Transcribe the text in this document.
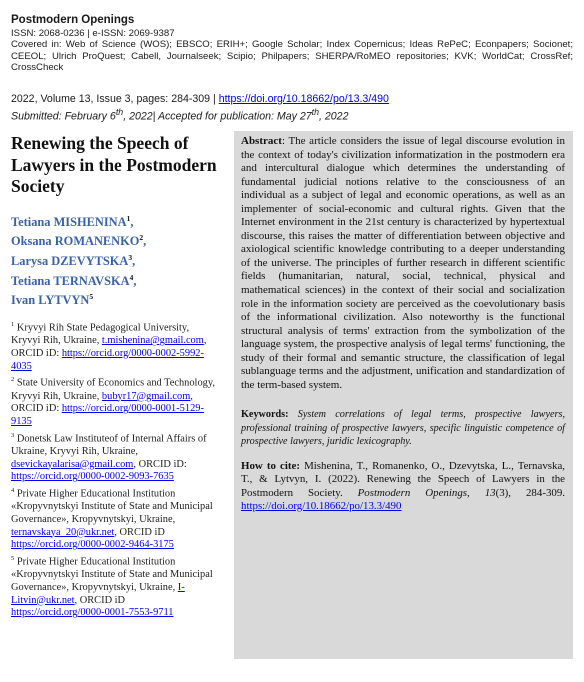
Postmodern Openings
ISSN: 2068-0236 | e-ISSN: 2069-9387
Covered in: Web of Science (WOS); EBSCO; ERIH+; Google Scholar; Index Copernicus; Ideas RePeC; Econpapers; Socionet; CEEOL; Ulrich ProQuest; Cabell, Journalseek; Scipio; Philpapers; SHERPA/RoMEO repositories; KVK; WorldCat; CrossRef; CrossCheck
2022, Volume 13, Issue 3, pages: 284-309 | https://doi.org/10.18662/po/13.3/490
Submitted: February 6th, 2022| Accepted for publication: May 27th, 2022
Renewing the Speech of Lawyers in the Postmodern Society
Tetiana MISHENINA$^1$,
Oksana ROMANENKO$^2$,
Larysa DZEVYTSKA$^3$,
Tetiana TERNAVSKA$^4$,
Ivan LYTVYN$^5$
$^1$ Kryvyi Rih State Pedagogical University, Kryvyi Rih, Ukraine, t.mishenina@gmail.com, ORCID iD: https://orcid.org/0000-0002-5992-4035
$^2$ State University of Economics and Technology, Kryvyi Rih, Ukraine, bubyr17@gmail.com, ORCID iD: https://orcid.org/0000-0001-5129-9135
$^3$ Donetsk Law Instituteof of Internal Affairs of Ukraine, Kryvyi Rih, Ukraine, dsevickayalarisa@gmail.com, ORCID iD: https://orcid.org/0000-0002-9093-7635
$^4$ Private Higher Educational Institution «Kropyvnytskyi Institute of State and Municipal Governance», Kropyvnytskyi, Ukraine, ternavskaya_20@ukr.net, ORCID iD https://orcid.org/0000-0002-9464-3175
$^5$ Private Higher Educational Institution «Kropyvnytskyi Institute of State and Municipal Governance», Kropyvnytskyi, Ukraine, I-Litvin@ukr.net, ORCID iD https://orcid.org/0000-0001-7553-9711

Abstract: The article considers the issue of legal discourse evolution in the context of today's civilization informatization in the postmodern era and intercultural dialogue which determines the understanding of fundamental judicial notions relative to the consciousness of an individual as a subject of legal and economic operations, as well as an implementer of social-economic and cultural rights. Given that the Internet environment in the 21st century is characterized by hypertextual discourse, this raises the matter of differentiation between objective and axiological scientific knowledge contributing to a deeper understanding of the universe. The principles of further research in different scientific fields (humanitarian, natural, social, technical, physical and mathematical sciences) in the context of their social and socialization role in the information society are perceived as the coevolutionary basis of the informational civilization. Also noteworthy is the functional structural analysis of terms' extraction from the symbolization of the language system, the prospective analysis of legal terms' functioning, the study of their formal and semantic structure, the classification of legal sublanguage terms and the adjustment, unification and standardization of the term-based system.

Keywords: System correlations of legal terms, prospective lawyers, professional training of prospective lawyers, specific linguistic competence of prospective lawyers, juridic lexicography.

How to cite: Mishenina, T., Romanenko, O., Dzevytska, L., Ternavska, T., & Lytvyn, I. (2022). Renewing the Speech of Lawyers in the Postmodern Society. Postmodern Openings, 13(3), 284-309. https://doi.org/10.18662/po/13.3/490
